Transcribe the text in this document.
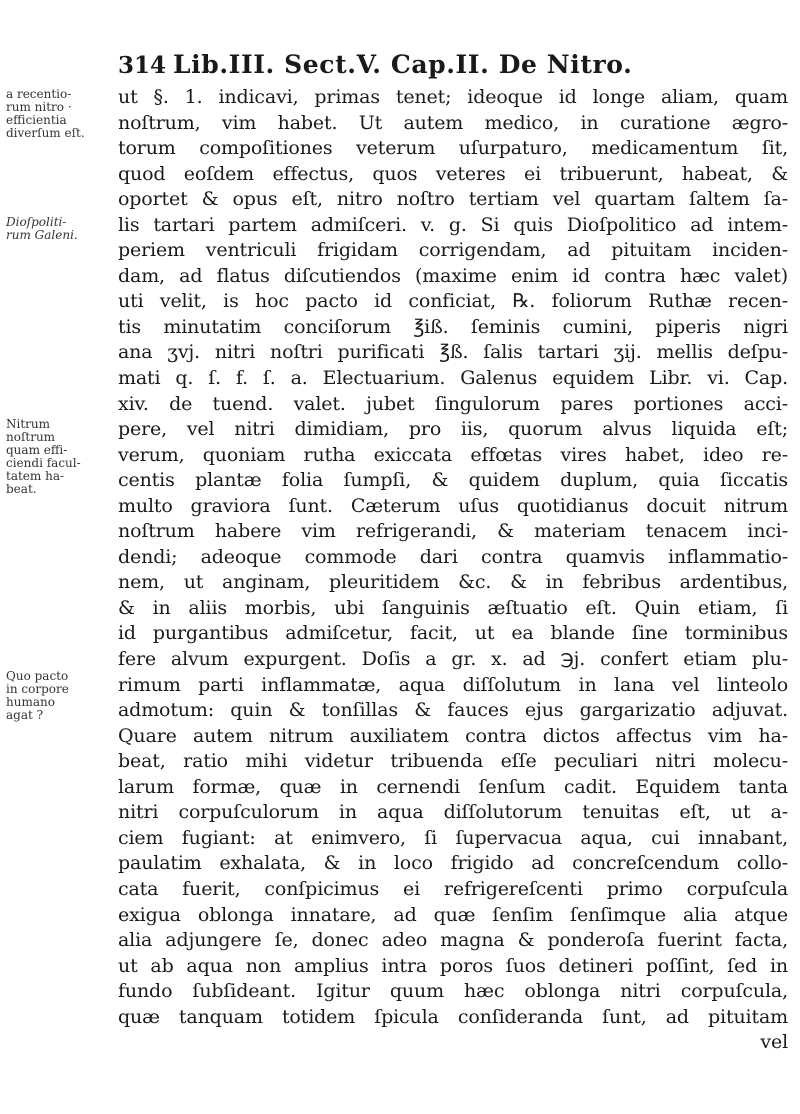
314 Lib.III. Sect.V. Cap.II. De Nitro.
a recentio-
rum nitro ·
efficientia
diverſum eſt.
Dioſpoliti-
rum Galeni.
Nitrum
noſtrum
quam effi-
ciendi facul-
tatem ha-
beat.
Quo pacto
in corpore
humano
agat ?
ut §. 1. indicavi, primas tenet; ideoque id longe aliam, quam
noſtrum, vim habet. Ut autem medico, in curatione ægro-
torum compoſitiones veterum uſurpaturo, medicamentum ſit,
quod eoſdem effectus, quos veteres ei tribuerunt, habeat, &
oportet & opus eſt, nitro noſtro tertiam vel quartam ſaltem ſa-
lis tartari partem admiſceri. v. g. Si quis Dioſpolitico ad intem-
periem ventriculi frigidam corrigendam, ad pituitam inciden-
dam, ad flatus diſcutiendos (maxime enim id contra hæc valet)
uti velit, is hoc pacto id conficiat, ℞. foliorum Ruthæ recen-
tis minutatim conciſorum ℥iß. ſeminis cumini, piperis nigri
ana ʒvj. nitri noſtri purificati ℥ß. ſalis tartari ʒij. mellis deſpu-
mati q. ſ. f. ſ. a. Electuarium. Galenus equidem Libr. vi. Cap.
xiv. de tuend. valet. jubet ſingulorum pares portiones acci-
pere, vel nitri dimidiam, pro iis, quorum alvus liquida eſt;
verum, quoniam rutha exiccata effœtas vires habet, ideo re-
centis plantæ folia ſumpſi, & quidem duplum, quia ſiccatis
multo graviora ſunt. Cæterum uſus quotidianus docuit nitrum
noſtrum habere vim refrigerandi, & materiam tenacem inci-
dendi; adeoque commode dari contra quamvis inflammatio-
nem, ut anginam, pleuritidem &c. & in febribus ardentibus,
& in aliis morbis, ubi ſanguinis æſtuatio eſt. Quin etiam, ſi
id purgantibus admiſcetur, facit, ut ea blande ſine torminibus
fere alvum expurgent. Doſis a gr. x. ad ℈j. confert etiam plu-
rimum parti inflammatæ, aqua diſſolutum in lana vel linteolo
admotum: quin & tonſillas & fauces ejus gargarizatio adjuvat.
Quare autem nitrum auxiliatem contra dictos affectus vim ha-
beat, ratio mihi videtur tribuenda eſſe peculiari nitri molecu-
larum formæ, quæ in cernendi ſenſum cadit. Equidem tanta
nitri corpuſculorum in aqua diſſolutorum tenuitas eſt, ut a-
ciem fugiant: at enimvero, ſi ſupervacua aqua, cui innabant,
paulatim exhalata, & in loco frigido ad concreſcendum collo-
cata fuerit, conſpicimus ei refrigereſcenti primo corpuſcula
exigua oblonga innatare, ad quæ ſenſim ſenſimque alia atque
alia adjungere ſe, donec adeo magna & ponderoſa fuerint facta,
ut ab aqua non amplius intra poros ſuos detineri poſſint, ſed in
fundo ſubſideant. Igitur quum hæc oblonga nitri corpuſcula,
quæ tanquam totidem ſpicula conſideranda ſunt, ad pituitam
vel
